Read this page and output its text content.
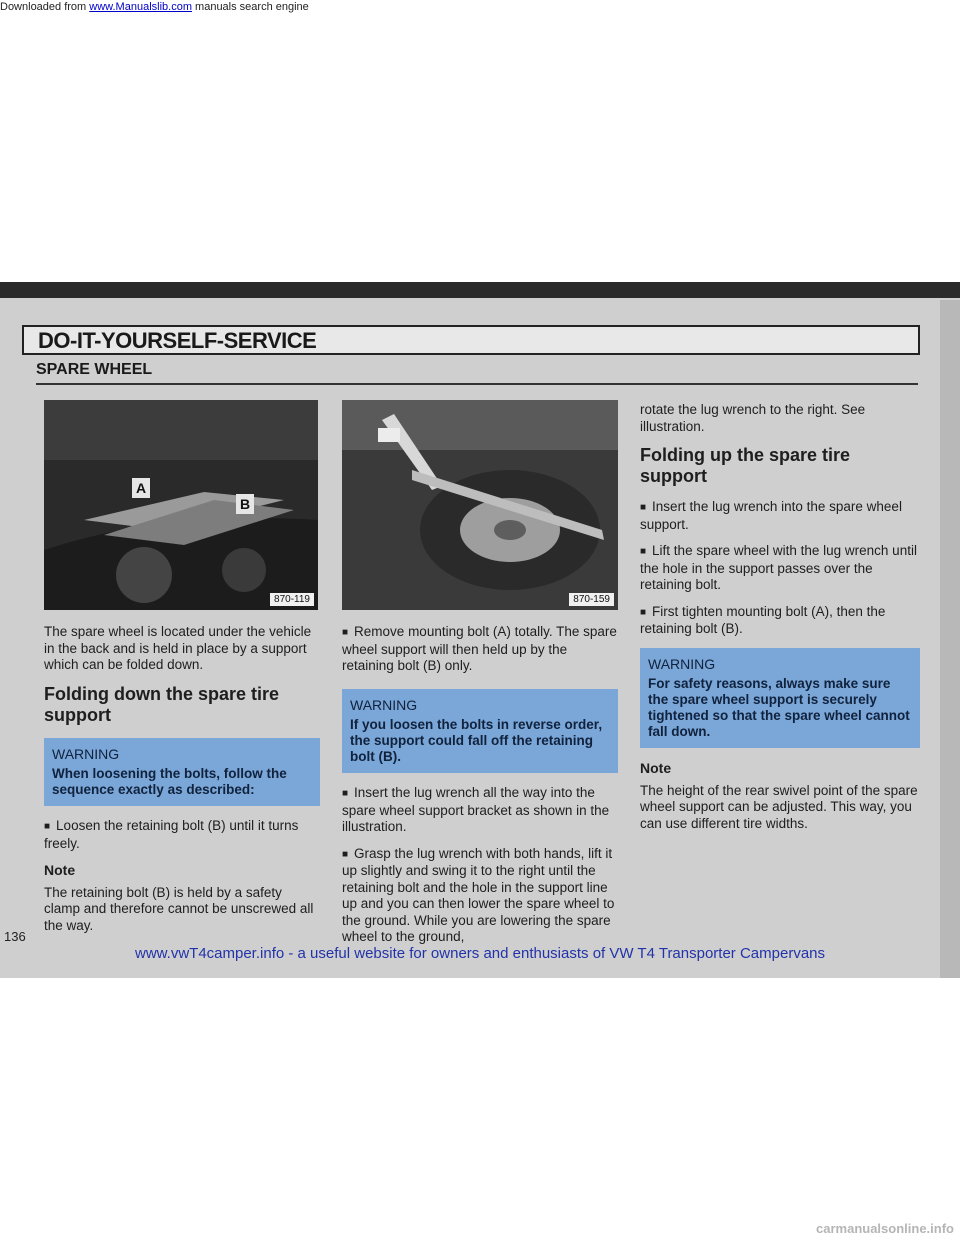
Downloaded from www.Manualslib.com manuals search engine
DO-IT-YOURSELF-SERVICE
SPARE WHEEL
A
B
870-119	870-159

The spare wheel is located under the vehicle in the back and is held in place by a support which can be folded down.

Folding down the spare tire support
WARNING
When loosening the bolts, follow the sequence exactly as described:

■ Loosen the retaining bolt (B) until it turns freely.

Note

The retaining bolt (B) is held by a safety clamp and therefore cannot be unscrewed all the way.

■ Remove mounting bolt (A) totally. The spare wheel support will then held up by the retaining bolt (B) only.

WARNING
If you loosen the bolts in reverse order, the support could fall off the retaining bolt (B).

■ Insert the lug wrench all the way into the spare wheel support bracket as shown in the illustration.

■ Grasp the lug wrench with both hands, lift it up slightly and swing it to the right until the retaining bolt and the hole in the support line up and you can then lower the spare wheel to the ground. While you are lowering the spare wheel to the ground,

rotate the lug wrench to the right. See illustration.

Folding up the spare tire support

■ Insert the lug wrench into the spare wheel support.

■ Lift the spare wheel with the lug wrench until the hole in the support passes over the retaining bolt.

■ First tighten mounting bolt (A), then the retaining bolt (B).

WARNING
For safety reasons, always make sure the spare wheel support is securely tightened so that the spare wheel cannot fall down.
Note

The height of the rear swivel point of the spare wheel support can be adjusted. This way, you can use different tire widths.

136
www.vwT4camper.info - a useful website for owners and enthusiasts of VW T4 Transporter Campervans
carmanualsonline.info
